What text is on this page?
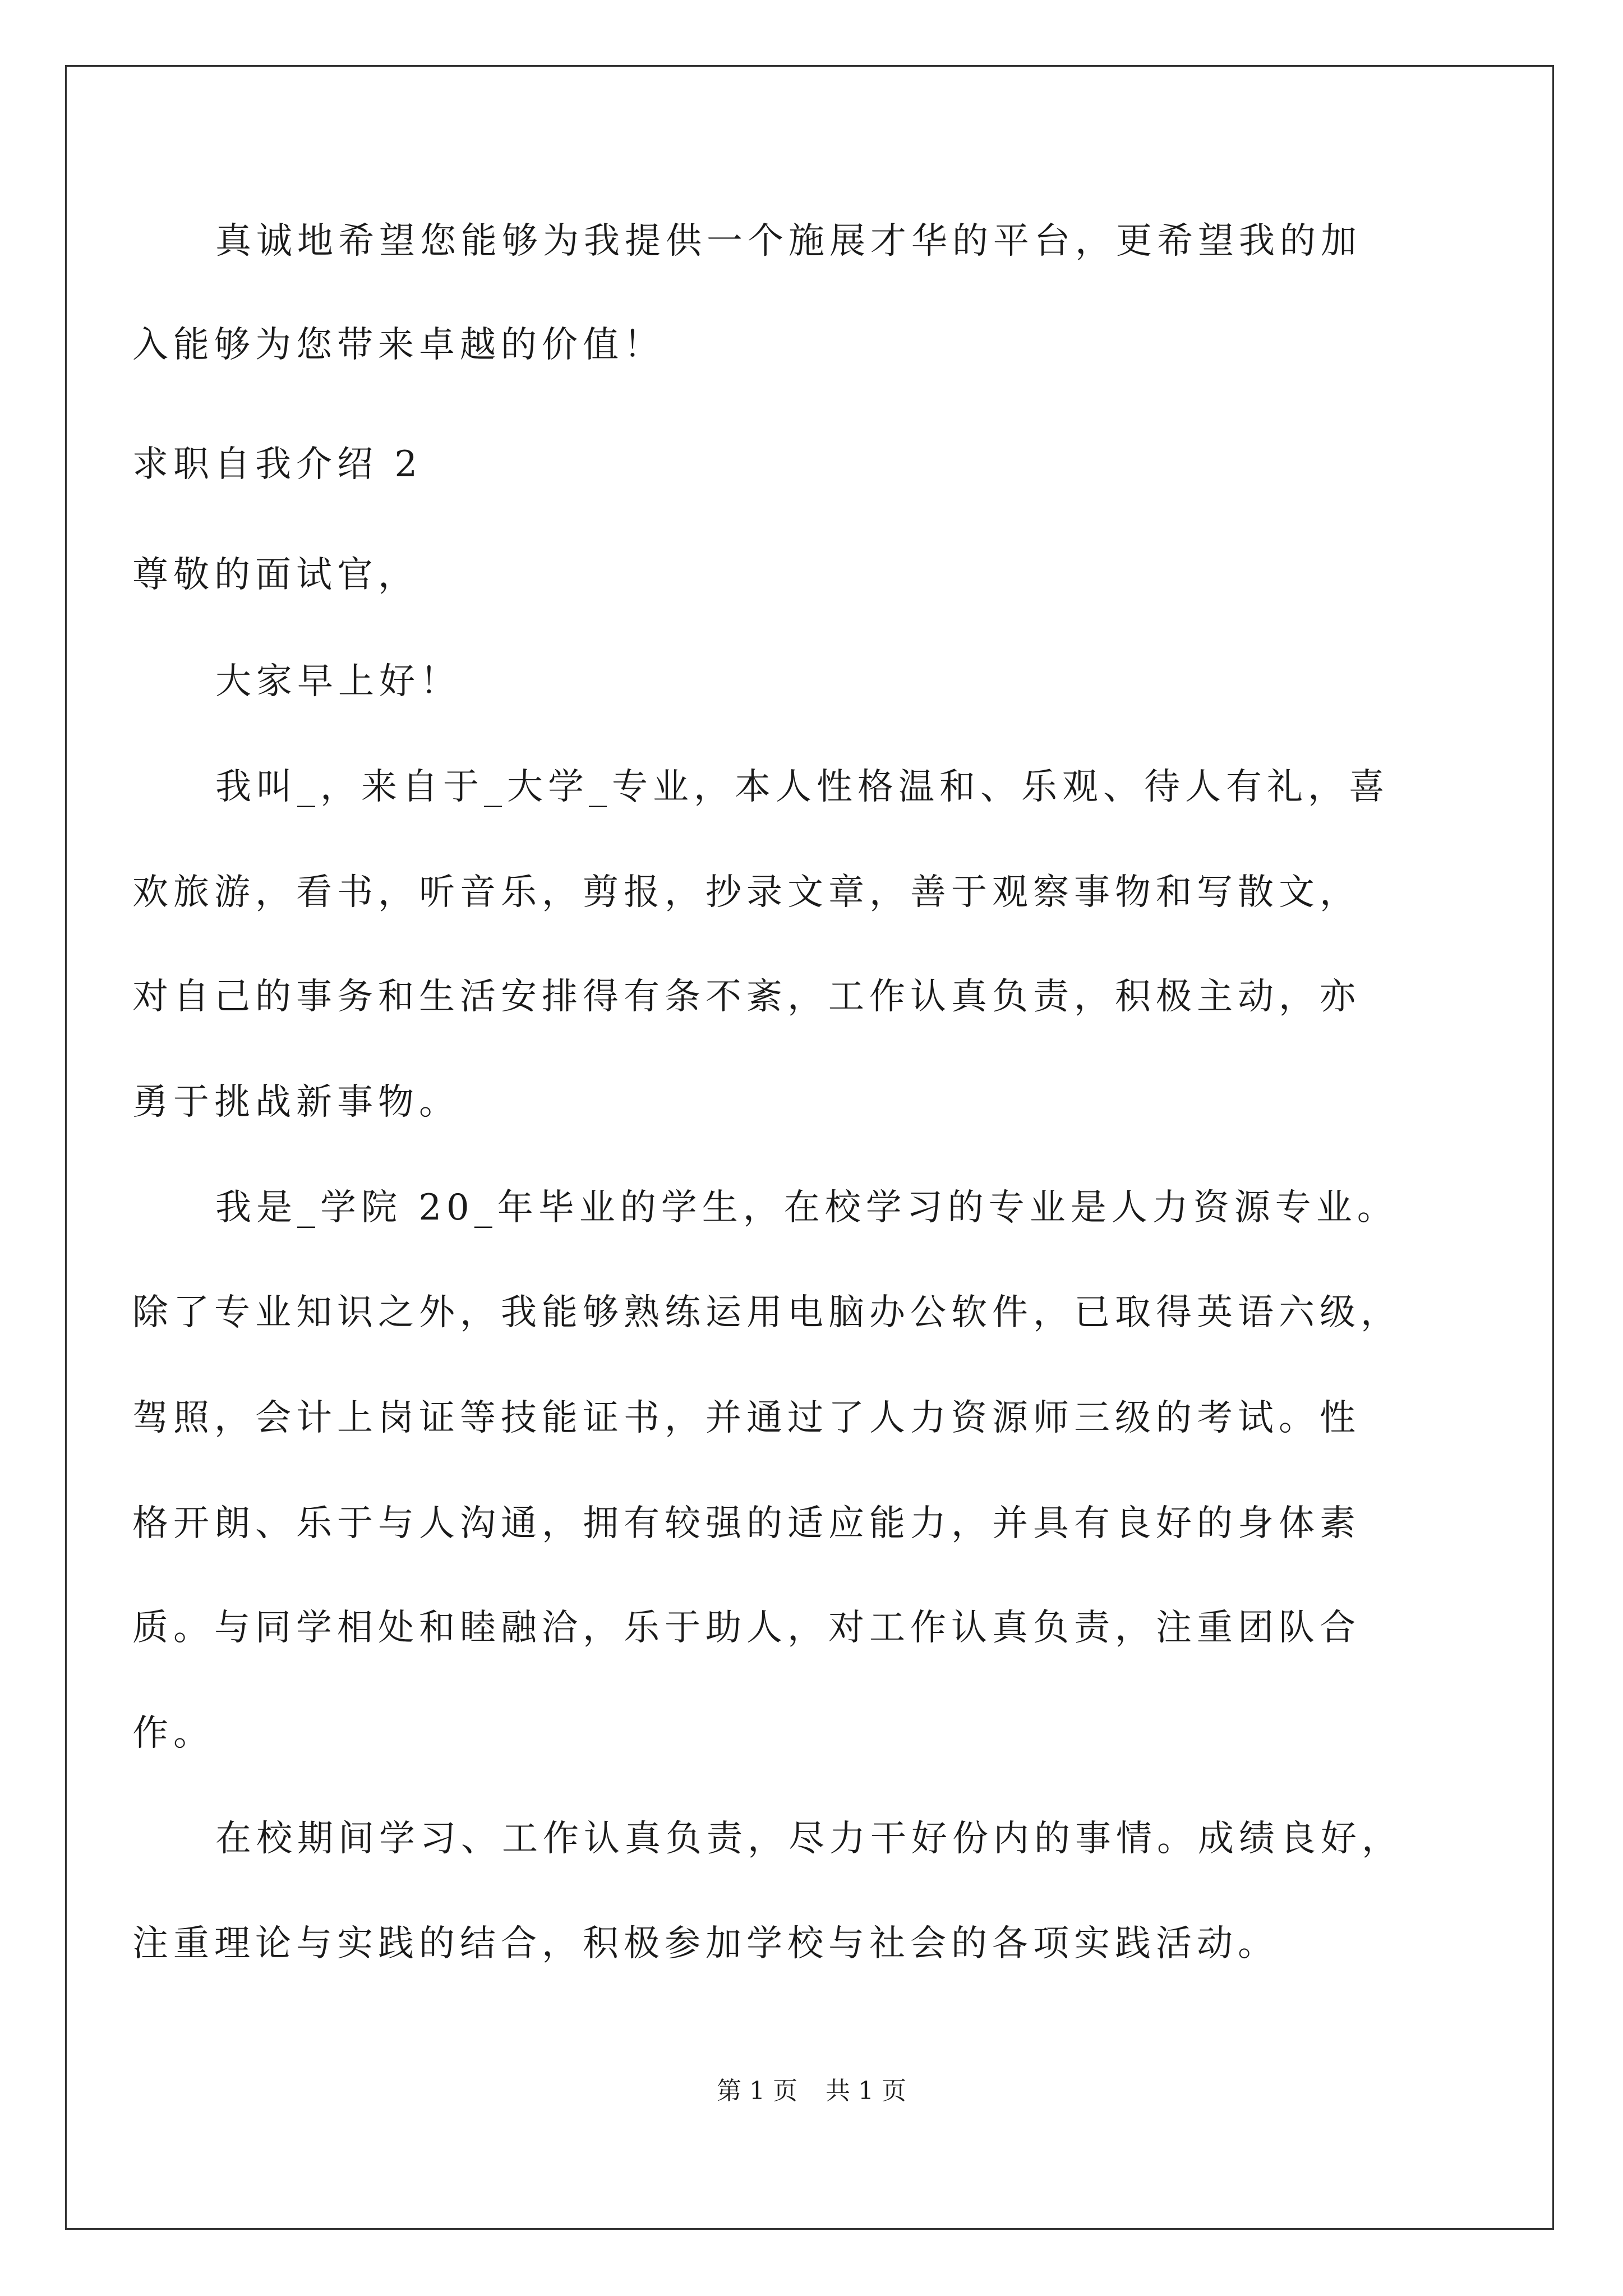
真诚地希望您能够为我提供一个施展才华的平台，更希望我的加
入能够为您带来卓越的价值！
求职自我介绍 2
尊敬的面试官，
大家早上好！
我叫_，来自于_大学_专业，本人性格温和、乐观、待人有礼，喜
欢旅游，看书，听音乐，剪报，抄录文章，善于观察事物和写散文，
对自己的事务和生活安排得有条不紊，工作认真负责，积极主动，亦
勇于挑战新事物。
我是_学院 20_年毕业的学生，在校学习的专业是人力资源专业。
除了专业知识之外，我能够熟练运用电脑办公软件，已取得英语六级，
驾照，会计上岗证等技能证书，并通过了人力资源师三级的考试。性
格开朗、乐于与人沟通，拥有较强的适应能力，并具有良好的身体素
质。与同学相处和睦融洽，乐于助人，对工作认真负责，注重团队合
作。
在校期间学习、工作认真负责，尽力干好份内的事情。成绩良好，
注重理论与实践的结合，积极参加学校与社会的各项实践活动。
第 1 页 共 1 页
